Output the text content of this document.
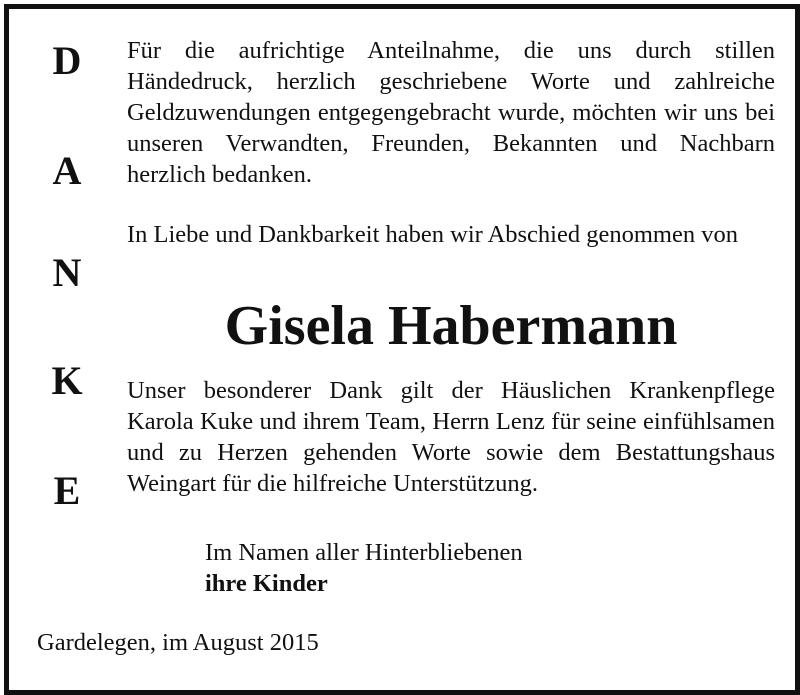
D
A
N
K
E

Für die aufrichtige Anteilnahme, die uns durch stillen Händedruck, herzlich geschriebene Worte und zahlreiche Geldzuwendungen entgegengebracht wurde, möchten wir uns bei unseren Verwandten, Freunden, Bekannten und Nachbarn herzlich bedanken.

In Liebe und Dankbarkeit haben wir Abschied genommen von

Gisela Habermann

Unser besonderer Dank gilt der Häuslichen Krankenpflege Karola Kuke und ihrem Team, Herrn Lenz für seine einfühlsamen und zu Herzen gehenden Worte sowie dem Bestattungshaus Weingart für die hilfreiche Unterstützung.

Im Namen aller Hinterbliebenen
ihre Kinder
Gardelegen, im August 2015
